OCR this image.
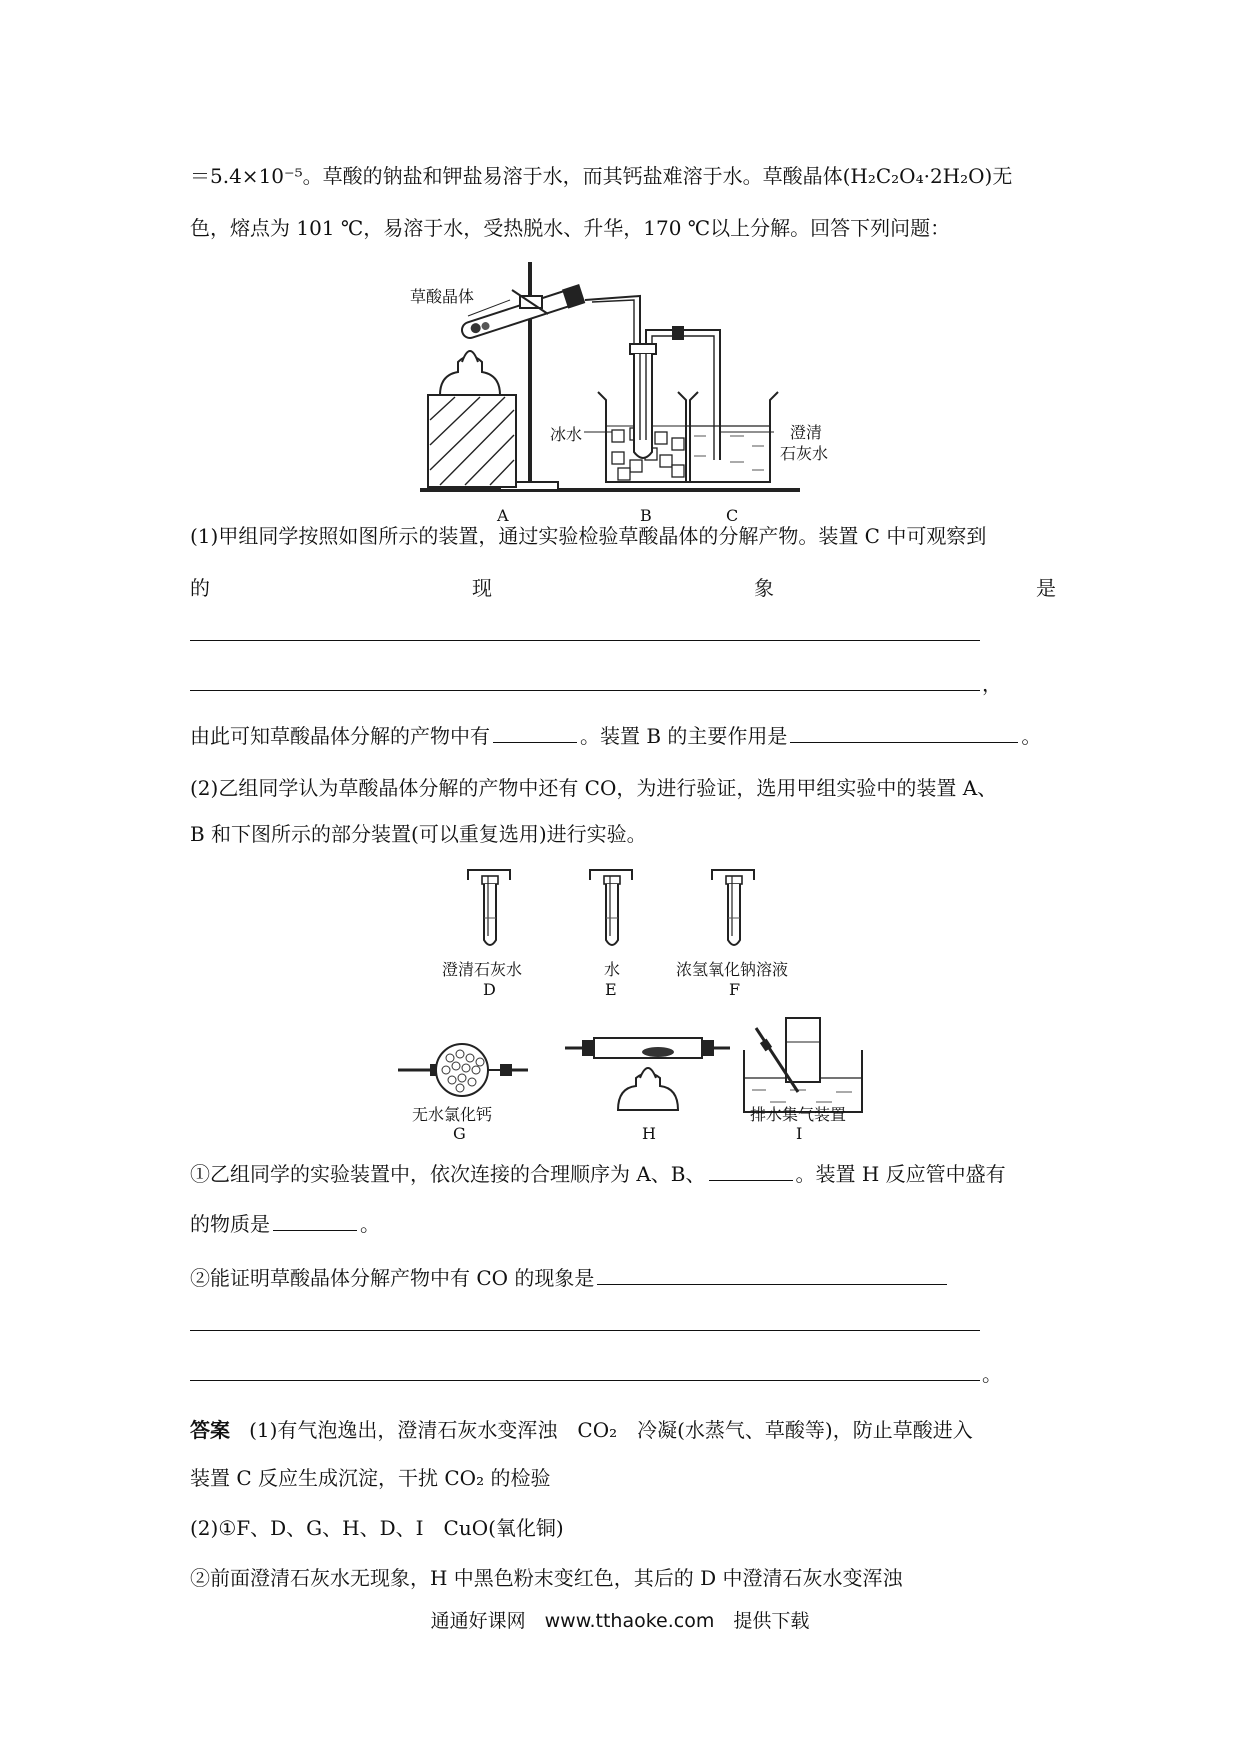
＝5.4×10⁻⁵。草酸的钠盐和钾盐易溶于水，而其钙盐难溶于水。草酸晶体(H₂C₂O₄·2H₂O)无
色，熔点为 101 ℃，易溶于水，受热脱水、升华，170 ℃以上分解。回答下列问题：
草酸晶体
冰水	澄清
石灰水
A	B	C
(1)甲组同学按照如图所示的装置，通过实验检验草酸晶体的分解产物。装置 C 中可观察到
的	现	象	是
，
由此可知草酸晶体分解的产物中有	。装置 B 的主要作用是	。
(2)乙组同学认为草酸晶体分解的产物中还有 CO，为进行验证，选用甲组实验中的装置 A、
B 和下图所示的部分装置(可以重复选用)进行实验。
澄清石灰水
D
水
E
浓氢氧化钠溶液
F
无水氯化钙
G	H
排水集气装置
I
①乙组同学的实验装置中，依次连接的合理顺序为 A、B、	。装置 H 反应管中盛有
的物质是	。
②能证明草酸晶体分解产物中有 CO 的现象是
。
答案 (1)有气泡逸出，澄清石灰水变浑浊　CO₂　冷凝(水蒸气、草酸等)，防止草酸进入
装置 C 反应生成沉淀，干扰 CO₂ 的检验
(2)①F、D、G、H、D、I　CuO(氧化铜)
②前面澄清石灰水无现象，H 中黑色粉末变红色，其后的 D 中澄清石灰水变浑浊
通通好课网　www.tthaoke.com　提供下载
